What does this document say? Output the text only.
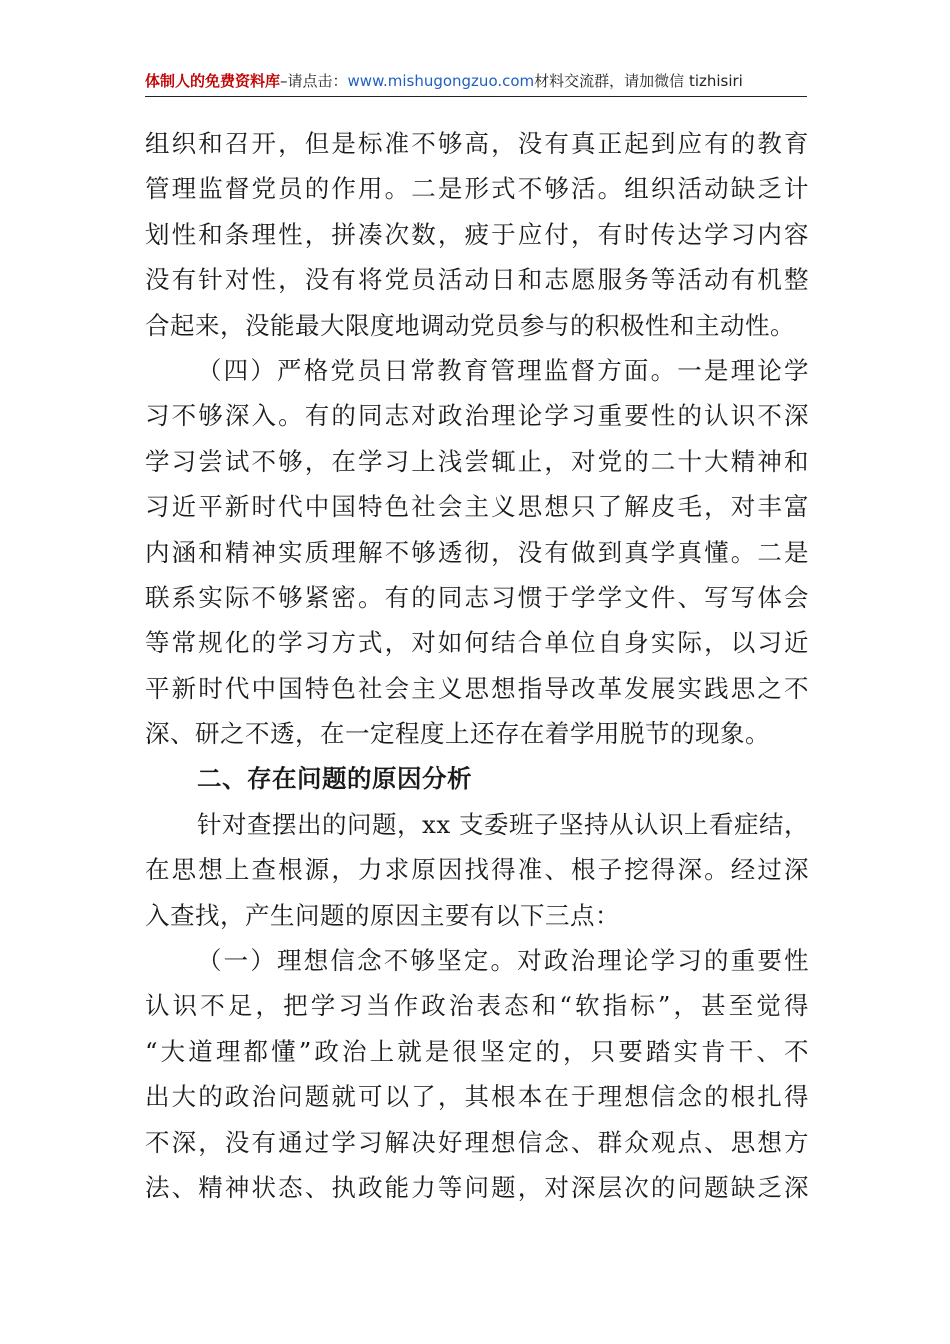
体制人的免费资料库–请点击：www.mishugongzuo.com材料交流群，请加微信 tizhisiri
组织和召开，但是标准不够高，没有真正起到应有的教育
管理监督党员的作用。二是形式不够活。组织活动缺乏计
划性和条理性，拼凑次数，疲于应付，有时传达学习内容
没有针对性，没有将党员活动日和志愿服务等活动有机整
合起来，没能最大限度地调动党员参与的积极性和主动性。
（四）严格党员日常教育管理监督方面。一是理论学
习不够深入。有的同志对政治理论学习重要性的认识不深
学习尝试不够，在学习上浅尝辄止，对党的二十大精神和
习近平新时代中国特色社会主义思想只了解皮毛，对丰富
内涵和精神实质理解不够透彻，没有做到真学真懂。二是
联系实际不够紧密。有的同志习惯于学学文件、写写体会
等常规化的学习方式，对如何结合单位自身实际，以习近
平新时代中国特色社会主义思想指导改革发展实践思之不
深、研之不透，在一定程度上还存在着学用脱节的现象。
二、存在问题的原因分析
针对查摆出的问题，xx 支委班子坚持从认识上看症结，
在思想上查根源，力求原因找得准、根子挖得深。经过深
入查找，产生问题的原因主要有以下三点：
（一）理想信念不够坚定。对政治理论学习的重要性
认识不足，把学习当作政治表态和“软指标”，甚至觉得
“大道理都懂”政治上就是很坚定的，只要踏实肯干、不
出大的政治问题就可以了，其根本在于理想信念的根扎得
不深，没有通过学习解决好理想信念、群众观点、思想方
法、精神状态、执政能力等问题，对深层次的问题缺乏深
